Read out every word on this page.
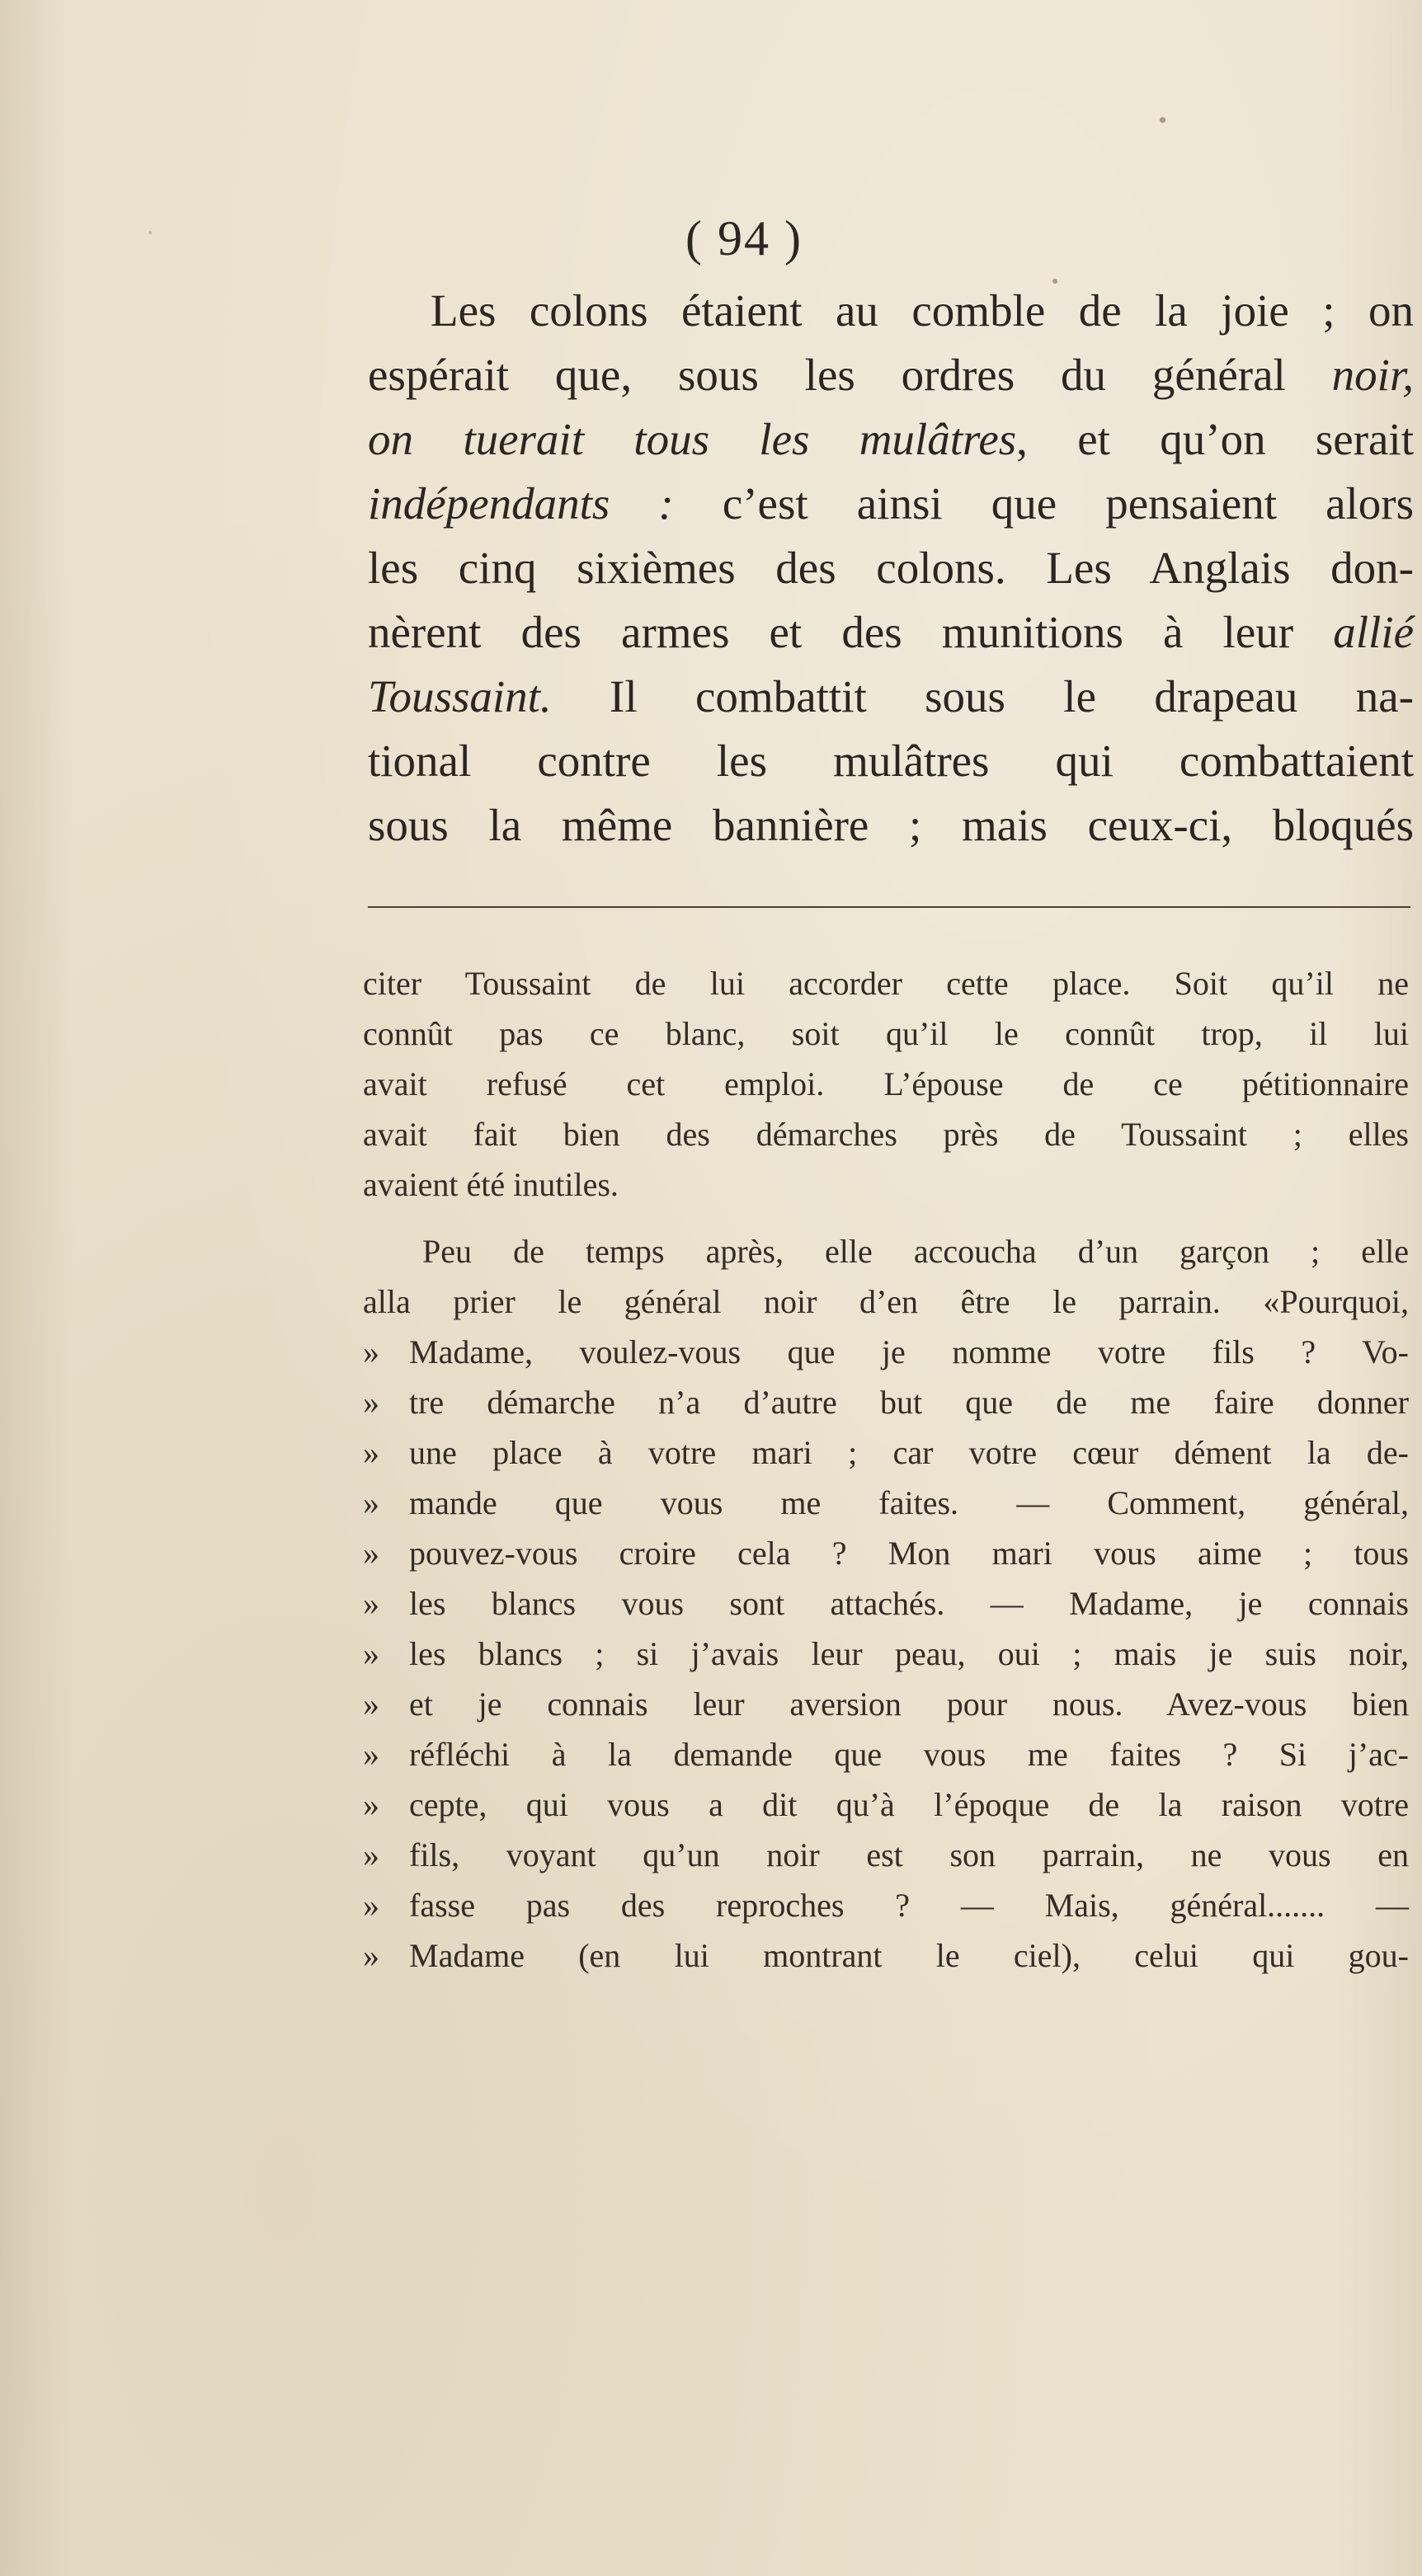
( 94 )
Les colons étaient au comble de la joie ; on
espérait que, sous les ordres du général noir,
on tuerait tous les mulâtres, et qu’on serait
indépendants : c’est ainsi que pensaient alors
les cinq sixièmes des colons. Les Anglais don-
nèrent des armes et des munitions à leur allié
Toussaint. Il combattit sous le drapeau na-
tional contre les mulâtres qui combattaient
sous la même bannière ; mais ceux-ci, bloqués
citer Toussaint de lui accorder cette place. Soit qu’il ne
connût pas ce blanc, soit qu’il le connût trop, il lui
avait refusé cet emploi. L’épouse de ce pétitionnaire
avait fait bien des démarches près de Toussaint ; elles
avaient été inutiles.
Peu de temps après, elle accoucha d’un garçon ; elle
alla prier le général noir d’en être le parrain. «Pourquoi,
» Madame, voulez-vous que je nomme votre fils ? Vo-
» tre démarche n’a d’autre but que de me faire donner
» une place à votre mari ; car votre cœur dément la de-
» mande que vous me faites. — Comment, général,
» pouvez-vous croire cela ? Mon mari vous aime ; tous
» les blancs vous sont attachés. — Madame, je connais
» les blancs ; si j’avais leur peau, oui ; mais je suis noir,
» et je connais leur aversion pour nous. Avez-vous bien
» réfléchi à la demande que vous me faites ? Si j’ac-
» cepte, qui vous a dit qu’à l’époque de la raison votre
» fils, voyant qu’un noir est son parrain, ne vous en
» fasse pas des reproches ? — Mais, général....... —
» Madame (en lui montrant le ciel), celui qui gou-
